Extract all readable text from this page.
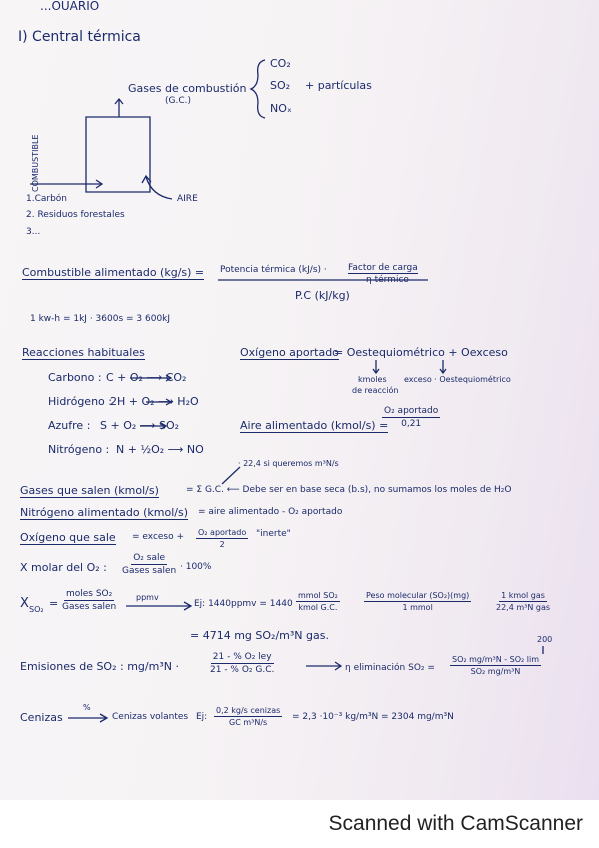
...OUARIO
I) Central térmica
Gases de combustión
(G.C.)
CO₂
SO₂
NOₓ
+ partículas
COMBUSTIBLE
AIRE
1.Carbón
2. Residuos forestales
3...
Combustible alimentado (kg/s) = Potencia térmica (kJ/s) · Factor de carga
η térmico
P.C (kJ/kg)
1 kw-h = 1kJ · 3600s = 3 600kJ
Reacciones habituales
Carbono : C + O₂ ⟶ CO₂
Hidrógeno :
2H + O₂ ⟶ H₂O
Azufre : S + O₂ ⟶ SO₂
Nitrógeno : N + ½O₂ ⟶ NO
Oxígeno aportado
= Oestequiométrico + Oexceso
kmoles
de reacción
exceso · Oestequiométrico
Aire alimentado (kmol/s) =
O₂ aportado
0,21
· 22,4 si queremos m³N/s
Gases que salen (kmol/s)	= Σ G.C. ⟵ Debe ser en base seca (b.s), no sumamos los moles de H₂O
Nitrógeno alimentado (kmol/s) = aire alimentado - O₂ aportado
Oxígeno que sale = exceso + O₂ aportado
2
"inerte"
X molar del O₂ :
O₂ sale
Gases salen · 100%
X SO₂ =
moles SO₂
Gases salen
ppmv
Ej: 1440ppmv = 1440
mmol SO₂
kmol G.C.
Peso molecular (SO₂)(mg)
1 mmol
1 kmol gas
22,4 m³N gas
= 4714 mg SO₂/m³N gas.
Emisiones de SO₂ : mg/m³N ·
21 - % O₂ ley
21 - % O₂ G.C.	η eliminación $SO_2 = \frac{\text{SO₂ mg/m³N - SO₂ lim}}{\text{SO₂ mg/m³N}}$
200
Cenizas
%
Cenizas volantes Ej:
0,2 kg/s cenizas
GC m³N/s
= 2,3 ·10⁻³ kg/m³N = 2304 mg/m³N
Scanned with CamScanner
